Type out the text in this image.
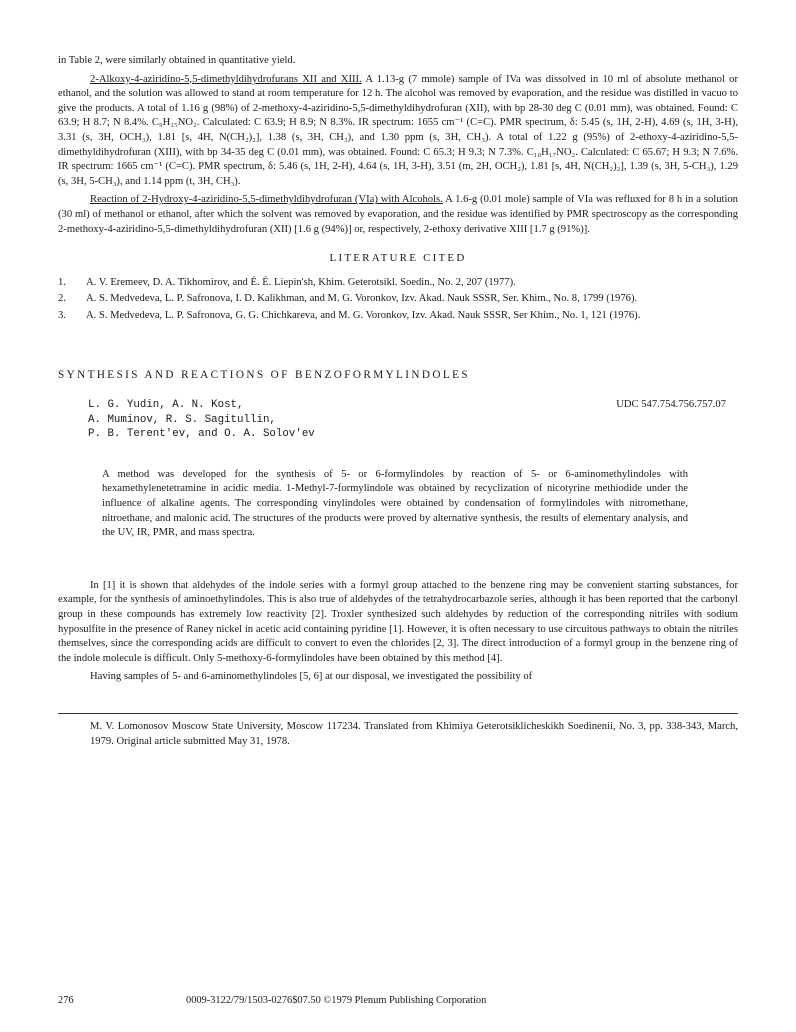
in Table 2, were similarly obtained in quantitative yield.

2-Alkoxy-4-aziridino-5,5-dimethyldihydrofurans XII and XIII. A 1.13-g (7 mmole) sample of IVa was dissolved in 10 ml of absolute methanol or ethanol, and the solution was allowed to stand at room temperature for 12 h. The alcohol was removed by evaporation, and the residue was distilled in vacuo to give the products. A total of 1.16 g (98%) of 2-methoxy-4-aziridino-5,5-dimethyldihydrofuran (XII), with bp 28-30 deg C (0.01 mm), was obtained. Found: C 63.9; H 8.7; N 8.4%. C₉H₁₅NO₂. Calculated: C 63.9; H 8.9; N 8.3%. IR spectrum: 1655 cm⁻¹ (C=C). PMR spectrum, δ: 5.45 (s, 1H, 2-H), 4.69 (s, 1H, 3-H), 3.31 (s, 3H, OCH₃), 1.81 [s, 4H, N(CH₂)₂], 1.38 (s, 3H, CH₃), and 1.30 ppm (s, 3H, CH₃). A total of 1.22 g (95%) of 2-ethoxy-4-aziridino-5,5-dimethyldihydrofuran (XIII), with bp 34-35 deg C (0.01 mm), was obtained. Found: C 65.3; H 9.3; N 7.3%. C₁₀H₁₇NO₂. Calculated: C 65.67; H 9.3; N 7.6%. IR spectrum: 1665 cm⁻¹ (C=C). PMR spectrum, δ: 5.46 (s, 1H, 2-H), 4.64 (s, 1H, 3-H), 3.51 (m, 2H, OCH₂), 1.81 [s, 4H, N(CH₂)₂], 1.39 (s, 3H, 5-CH₃), 1.29 (s, 3H, 5-CH₃), and 1.14 ppm (t, 3H, CH₃).

Reaction of 2-Hydroxy-4-aziridino-5,5-dimethyldihydrofuran (VIa) with Alcohols. A 1.6-g (0.01 mole) sample of VIa was refluxed for 8 h in a solution (30 ml) of methanol or ethanol, after which the solvent was removed by evaporation, and the residue was identified by PMR spectroscopy as the corresponding 2-methoxy-4-aziridino-5,5-dimethyldihydrofuran (XII) [1.6 g (94%)] or, respectively, 2-ethoxy derivative XIII [1.7 g (91%)].

LITERATURE CITED
1.	A. V. Eremeev, D. A. Tikhomirov, and É. É. Liepin'sh, Khim. Geterotsikl. Soedin., No. 2, 207 (1977).
2.	A. S. Medvedeva, L. P. Safronova, I. D. Kalikhman, and M. G. Voronkov, Izv. Akad. Nauk SSSR, Ser. Khim., No. 8, 1799 (1976).
3.	A. S. Medvedeva, L. P. Safronova, G. G. Chichkareva, and M. G. Voronkov, Izv. Akad. Nauk SSSR, Ser Khim., No. 1, 121 (1976).
SYNTHESIS AND REACTIONS OF BENZOFORMYLINDOLES
L. G. Yudin, A. N. Kost,
A. Muminov, R. S. Sagitullin,
P. B. Terent'ev, and O. A. Solov'ev
UDC 547.754.756.757.07

A method was developed for the synthesis of 5- or 6-formylindoles by reaction of 5- or 6-aminomethylindoles with hexamethylenetetramine in acidic media. 1-Methyl-7-formylindole was obtained by recyclization of nicotyrine methiodide under the influence of alkaline agents. The corresponding vinylindoles were obtained by condensation of formylindoles with nitromethane, nitroethane, and malonic acid. The structures of the products were proved by alternative synthesis, the results of elementary analysis, and the UV, IR, PMR, and mass spectra.

In [1] it is shown that aldehydes of the indole series with a formyl group attached to the benzene ring may be convenient starting substances, for example, for the synthesis of aminoethylindoles. This is also true of aldehydes of the tetrahydrocarbazole series, although it has been reported that the carbonyl group in these compounds has extremely low reactivity [2]. Troxler synthesized such aldehydes by reduction of the corresponding nitriles with sodium hyposulfite in the presence of Raney nickel in acetic acid containing pyridine [1]. However, it is often necessary to use circuitous pathways to obtain the nitriles themselves, since the corresponding acids are difficult to convert to even the chlorides [2, 3]. The direct introduction of a formyl group in the benzene ring of the indole molecule is difficult. Only 5-methoxy-6-formylindoles have been obtained by this method [4].

Having samples of 5- and 6-aminomethylindoles [5, 6] at our disposal, we investigated the possibility of

M. V. Lomonosov Moscow State University, Moscow 117234. Translated from Khimiya Geterotsiklicheskikh Soedinenii, No. 3, pp. 338-343, March, 1979. Original article submitted May 31, 1978.

276	0009-3122/79/1503-0276$07.50 ©1979 Plenum Publishing Corporation
